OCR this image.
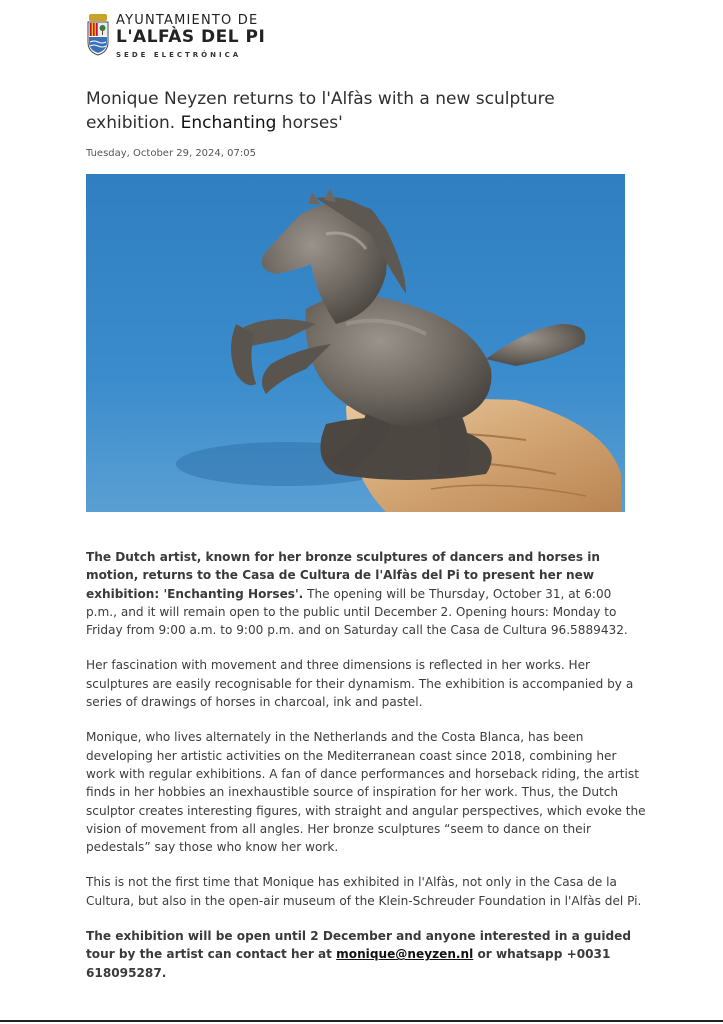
AYUNTAMIENTO DE
L'ALFÀS DEL PI
SEDE ELECTRÓNICA
Monique Neyzen returns to l'Alfàs with a new sculpture exhibition. Enchanting horses'
Tuesday, October 29, 2024, 07:05

The Dutch artist, known for her bronze sculptures of dancers and horses in motion, returns to the Casa de Cultura de l'Alfàs del Pi to present her new exhibition: 'Enchanting Horses'. The opening will be Thursday, October 31, at 6:00 p.m., and it will remain open to the public until December 2. Opening hours: Monday to Friday from 9:00 a.m. to 9:00 p.m. and on Saturday call the Casa de Cultura 96.5889432.

Her fascination with movement and three dimensions is reflected in her works. Her sculptures are easily recognisable for their dynamism. The exhibition is accompanied by a series of drawings of horses in charcoal, ink and pastel.

Monique, who lives alternately in the Netherlands and the Costa Blanca, has been developing her artistic activities on the Mediterranean coast since 2018, combining her work with regular exhibitions. A fan of dance performances and horseback riding, the artist finds in her hobbies an inexhaustible source of inspiration for her work. Thus, the Dutch sculptor creates interesting figures, with straight and angular perspectives, which evoke the vision of movement from all angles. Her bronze sculptures “seem to dance on their pedestals” say those who know her work.

This is not the first time that Monique has exhibited in l'Alfàs, not only in the Casa de la Cultura, but also in the open-air museum of the Klein-Schreuder Foundation in l'Alfàs del Pi.

The exhibition will be open until 2 December and anyone interested in a guided tour by the artist can contact her at monique@neyzen.nl or whatsapp +0031 618095287.
